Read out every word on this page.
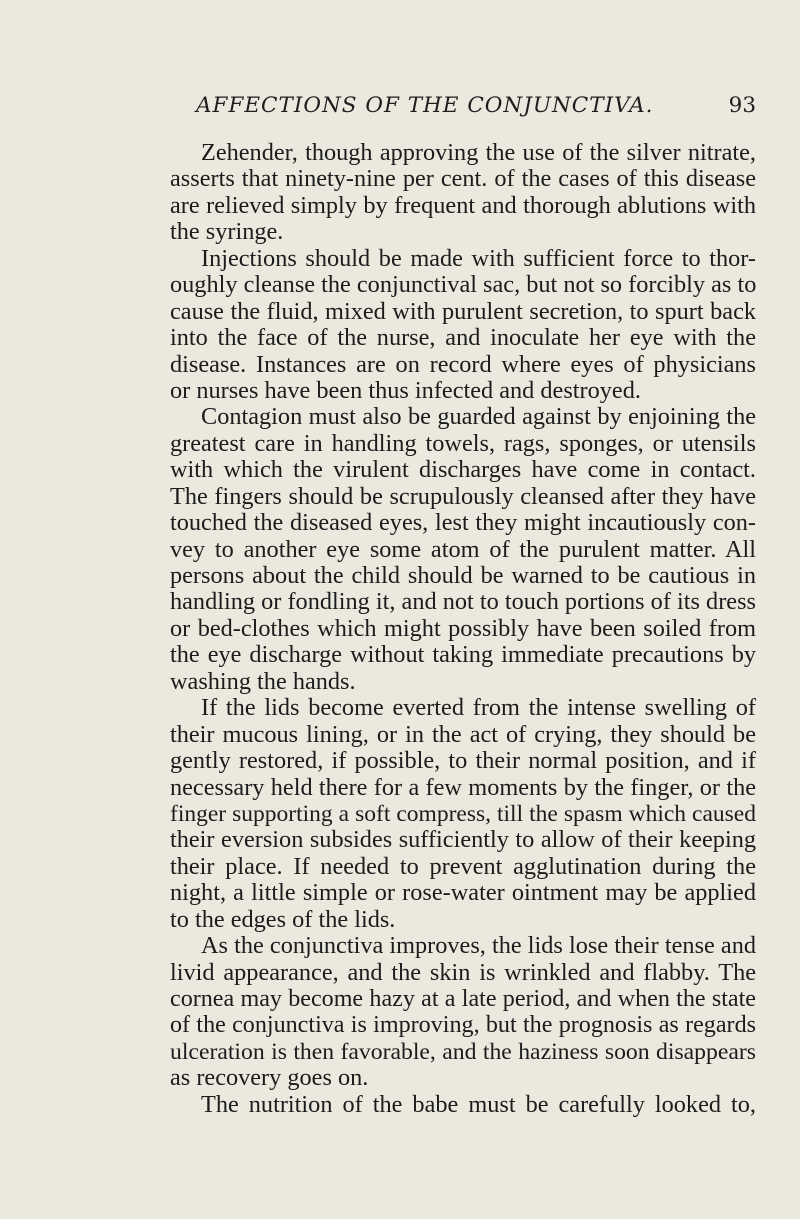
AFFECTIONS OF THE CONJUNCTIVA.	93
Zehender, though approving the use of the silver nitrate,
asserts that ninety-nine per cent. of the cases of this disease
are relieved simply by frequent and thorough ablutions with
the syringe.
Injections should be made with sufficient force to thor-
oughly cleanse the conjunctival sac, but not so forcibly as to
cause the fluid, mixed with purulent secretion, to spurt back
into the face of the nurse, and inoculate her eye with the
disease. Instances are on record where eyes of physicians
or nurses have been thus infected and destroyed.
Contagion must also be guarded against by enjoining the
greatest care in handling towels, rags, sponges, or utensils
with which the virulent discharges have come in contact.
The fingers should be scrupulously cleansed after they have
touched the diseased eyes, lest they might incautiously con-
vey to another eye some atom of the purulent matter. All
persons about the child should be warned to be cautious in
handling or fondling it, and not to touch portions of its dress
or bed-clothes which might possibly have been soiled from
the eye discharge without taking immediate precautions by
washing the hands.
If the lids become everted from the intense swelling of
their mucous lining, or in the act of crying, they should be
gently restored, if possible, to their normal position, and if
necessary held there for a few moments by the finger, or the
finger supporting a soft compress, till the spasm which caused
their eversion subsides sufficiently to allow of their keeping
their place. If needed to prevent agglutination during the
night, a little simple or rose-water ointment may be applied
to the edges of the lids.
As the conjunctiva improves, the lids lose their tense and
livid appearance, and the skin is wrinkled and flabby. The
cornea may become hazy at a late period, and when the state
of the conjunctiva is improving, but the prognosis as regards
ulceration is then favorable, and the haziness soon disappears
as recovery goes on.
The nutrition of the babe must be carefully looked to,
